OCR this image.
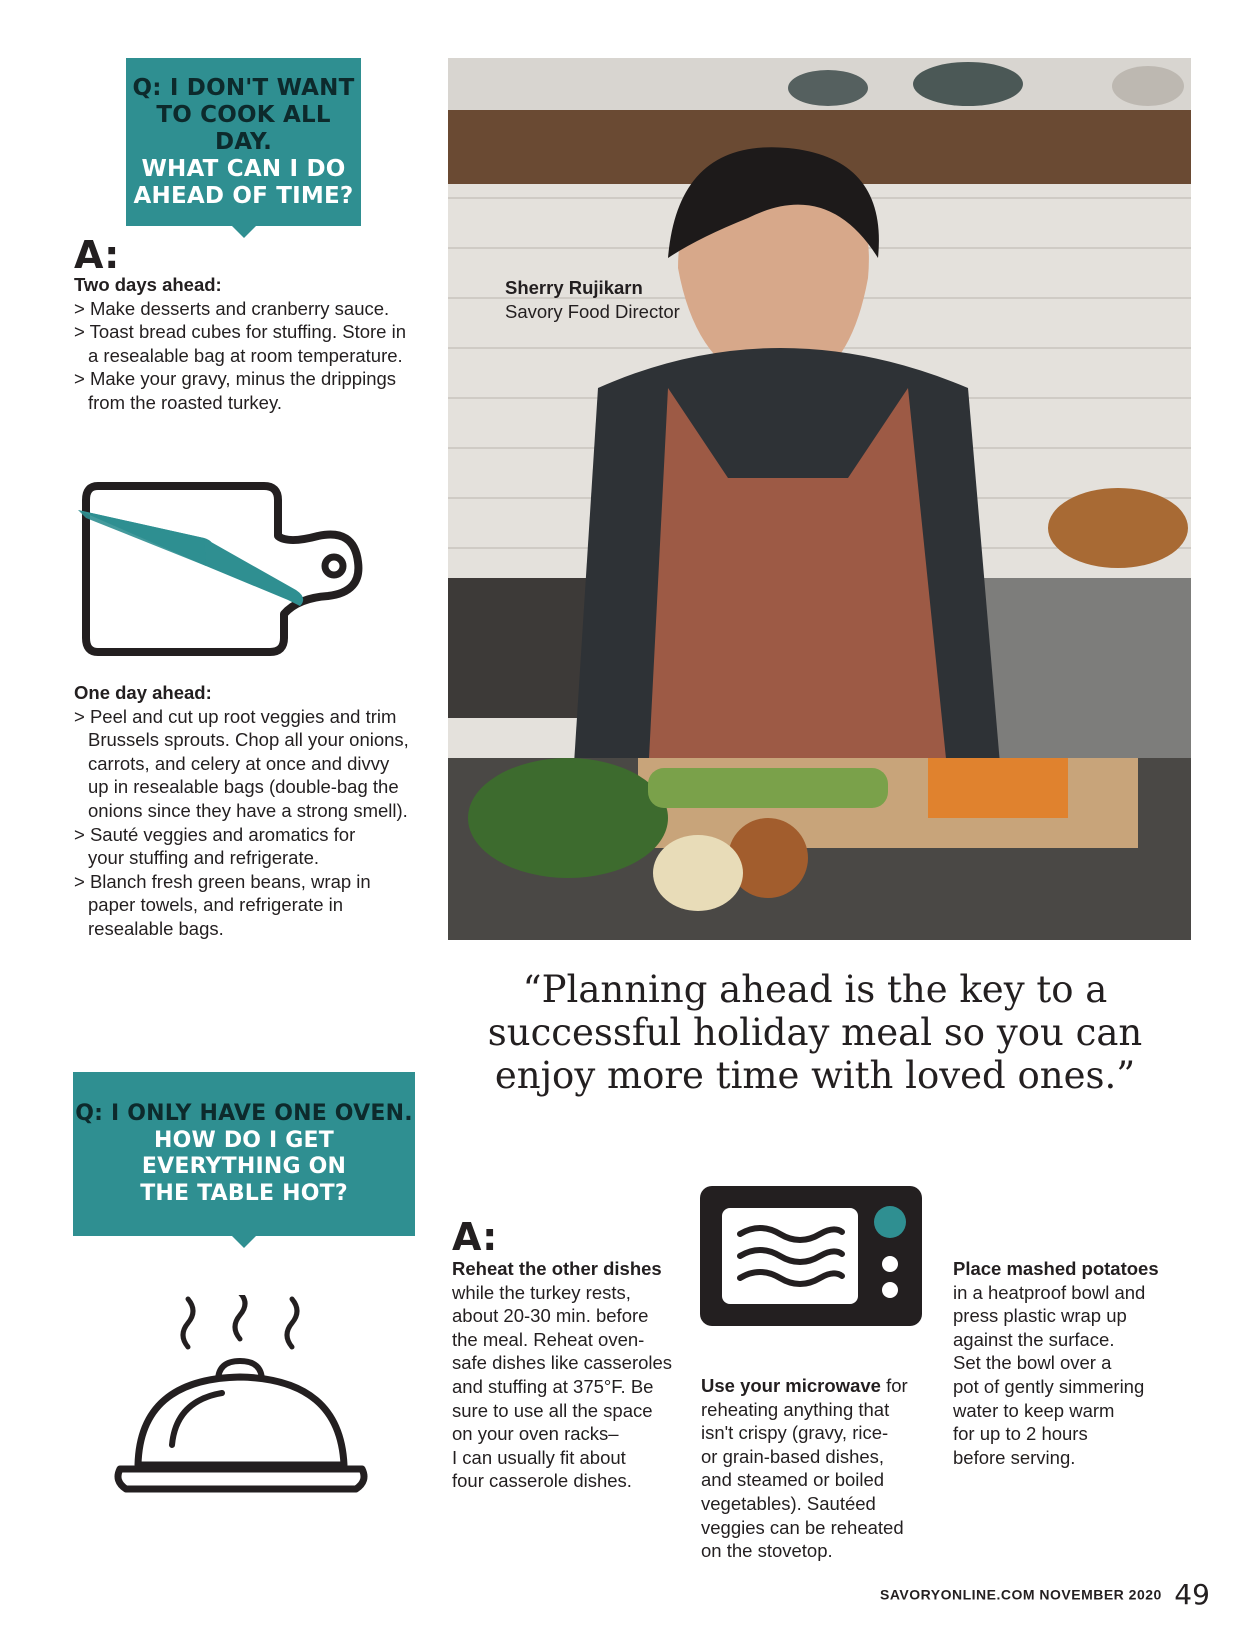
Q: I DON'T WANT
TO COOK ALL DAY.
WHAT CAN I DO
AHEAD OF TIME?
A:
Two days ahead:
> Make desserts and cranberry sauce.
> Toast bread cubes for stuffing. Store in
a resealable bag at room temperature.
> Make your gravy, minus the drippings
from the roasted turkey.
One day ahead:
> Peel and cut up root veggies and trim
Brussels sprouts. Chop all your onions,
carrots, and celery at once and divvy
up in resealable bags (double-bag the
onions since they have a strong smell).
> Sauté veggies and aromatics for
your stuffing and refrigerate.
> Blanch fresh green beans, wrap in
paper towels, and refrigerate in
resealable bags.
Sherry Rujikarn
Savory Food Director
“Planning ahead is the key to a
successful holiday meal so you can
enjoy more time with loved ones.”
Q: I ONLY HAVE ONE OVEN.
HOW DO I GET
EVERYTHING ON
THE TABLE HOT?
A:
Reheat the other dishes
while the turkey rests,
about 20-30 min. before
the meal. Reheat oven-
safe dishes like casseroles
and stuffing at 375°F. Be
sure to use all the space
on your oven racks–
I can usually fit about
four casserole dishes.
Use your microwave for
reheating anything that
isn't crispy (gravy, rice-
or grain-based dishes,
and steamed or boiled
vegetables). Sautéed
veggies can be reheated
on the stovetop.
Place mashed potatoes
in a heatproof bowl and
press plastic wrap up
against the surface.
Set the bowl over a
pot of gently simmering
water to keep warm
for up to 2 hours
before serving.
SAVORYONLINE.COM NOVEMBER 2020 49
